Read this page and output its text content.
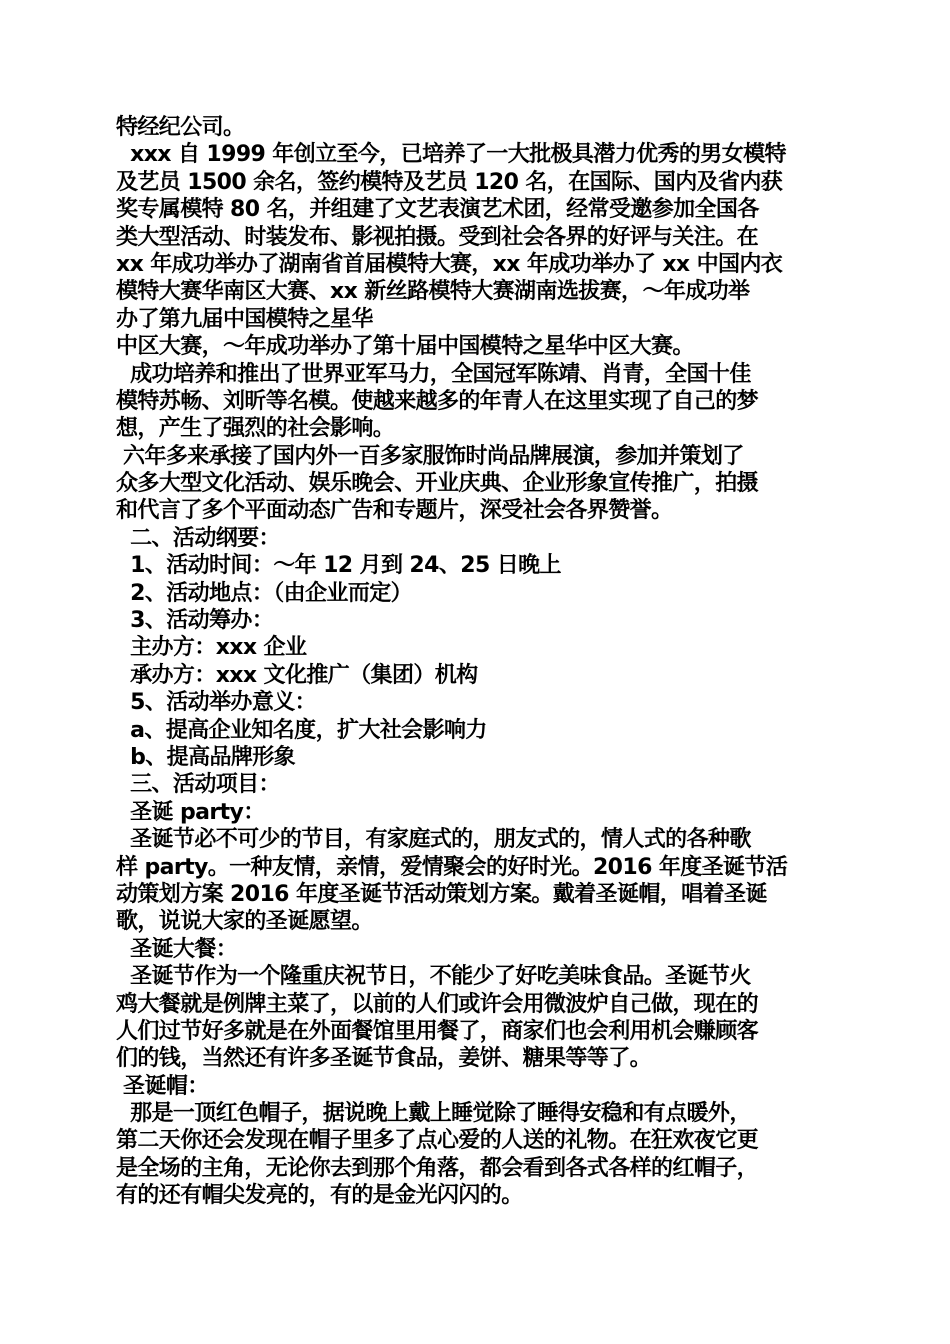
特经纪公司。
xxx 自 1999 年创立至今，已培养了一大批极具潜力优秀的男女模特
及艺员 1500 余名，签约模特及艺员 120 名，在国际、国内及省内获
奖专属模特 80 名，并组建了文艺表演艺术团，经常受邀参加全国各
类大型活动、时装发布、影视拍摄。受到社会各界的好评与关注。在
xx 年成功举办了湖南省首届模特大赛，xx 年成功举办了 xx 中国内衣
模特大赛华南区大赛、xx 新丝路模特大赛湖南选拔赛，～年成功举
办了第九届中国模特之星华
中区大赛，～年成功举办了第十届中国模特之星华中区大赛。
成功培养和推出了世界亚军马力，全国冠军陈靖、肖青，全国十佳
模特苏畅、刘昕等名模。使越来越多的年青人在这里实现了自己的梦
想，产生了强烈的社会影响。
六年多来承接了国内外一百多家服饰时尚品牌展演，参加并策划了
众多大型文化活动、娱乐晚会、开业庆典、企业形象宣传推广，拍摄
和代言了多个平面动态广告和专题片，深受社会各界赞誉。
二、活动纲要：
1、活动时间：～年 12 月到 24、25 日晚上
2、活动地点：（由企业而定）
3、活动筹办：
主办方：xxx 企业
承办方：xxx 文化推广（集团）机构
5、活动举办意义：
a、提高企业知名度，扩大社会影响力
b、提高品牌形象
三、活动项目：
圣诞 party：
圣诞节必不可少的节目，有家庭式的，朋友式的，情人式的各种歌
样 party。一种友情，亲情，爱情聚会的好时光。2016 年度圣诞节活
动策划方案 2016 年度圣诞节活动策划方案。戴着圣诞帽，唱着圣诞
歌，说说大家的圣诞愿望。
圣诞大餐：
圣诞节作为一个隆重庆祝节日，不能少了好吃美味食品。圣诞节火
鸡大餐就是例牌主菜了，以前的人们或许会用微波炉自己做，现在的
人们过节好多就是在外面餐馆里用餐了，商家们也会利用机会赚顾客
们的钱，当然还有许多圣诞节食品，姜饼、糖果等等了。
圣诞帽：
那是一顶红色帽子，据说晚上戴上睡觉除了睡得安稳和有点暖外，
第二天你还会发现在帽子里多了点心爱的人送的礼物。在狂欢夜它更
是全场的主角，无论你去到那个角落，都会看到各式各样的红帽子，
有的还有帽尖发亮的，有的是金光闪闪的。
